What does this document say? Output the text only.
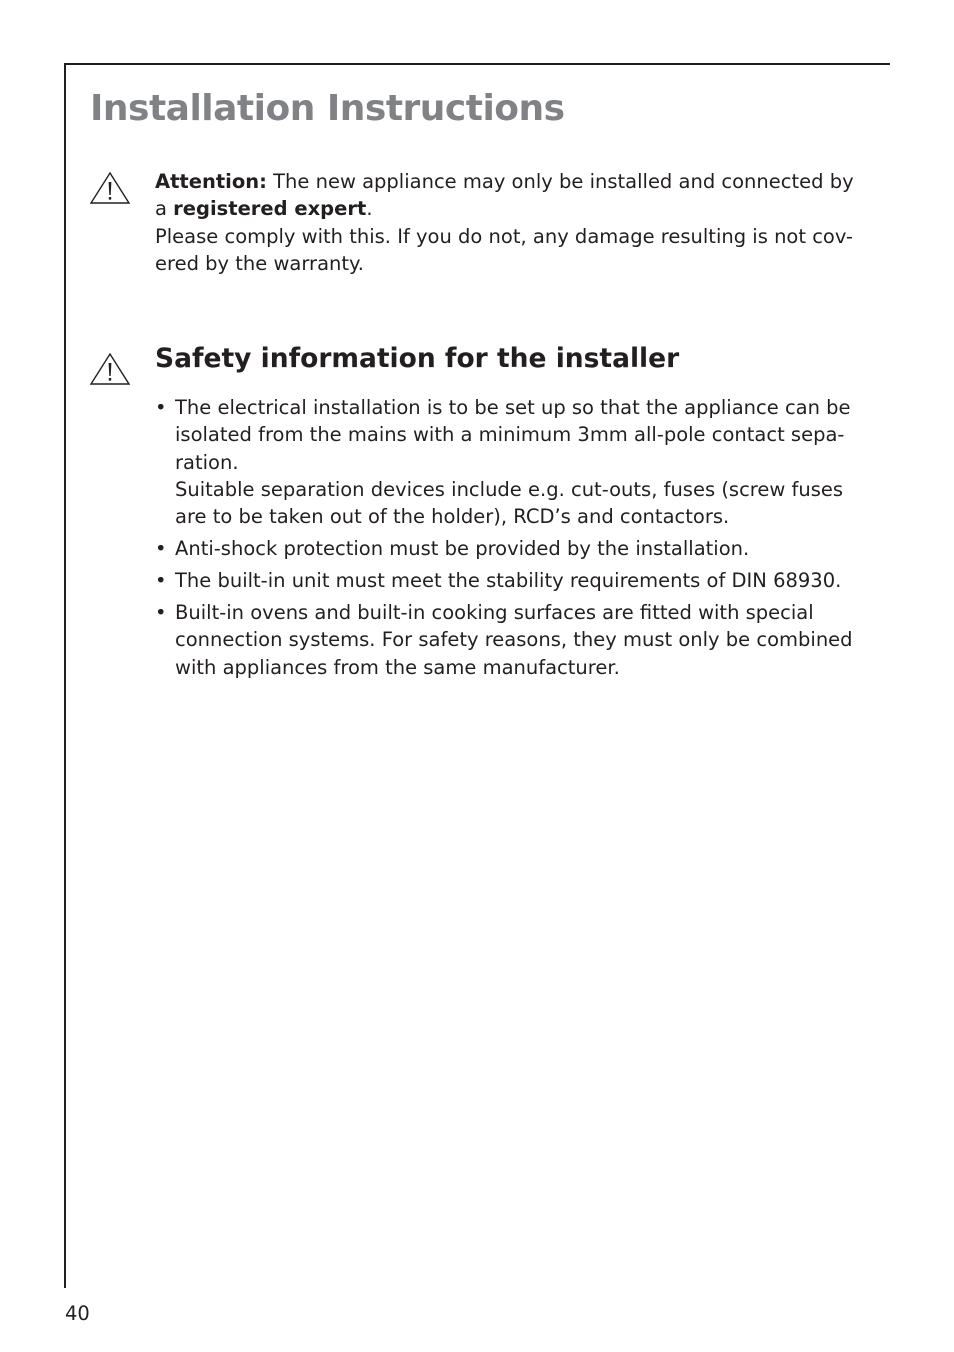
Installation Instructions

Attention: The new appliance may only be installed and connected by a registered expert.

Please comply with this. If you do not, any damage resulting is not cov-ered by the warranty.

Safety information for the installer
• The electrical installation is to be set up so that the appliance can be isolated from the mains with a minimum 3mm all-pole contact sepa-ration.

Suitable separation devices include e.g. cut-outs, fuses (screw fuses are to be taken out of the holder), RCD’s and contactors.

• Anti-shock protection must be provided by the installation.

• The built-in unit must meet the stability requirements of DIN 68930.

• Built-in ovens and built-in cooking surfaces are fitted with special connection systems. For safety reasons, they must only be combined with appliances from the same manufacturer.

40
